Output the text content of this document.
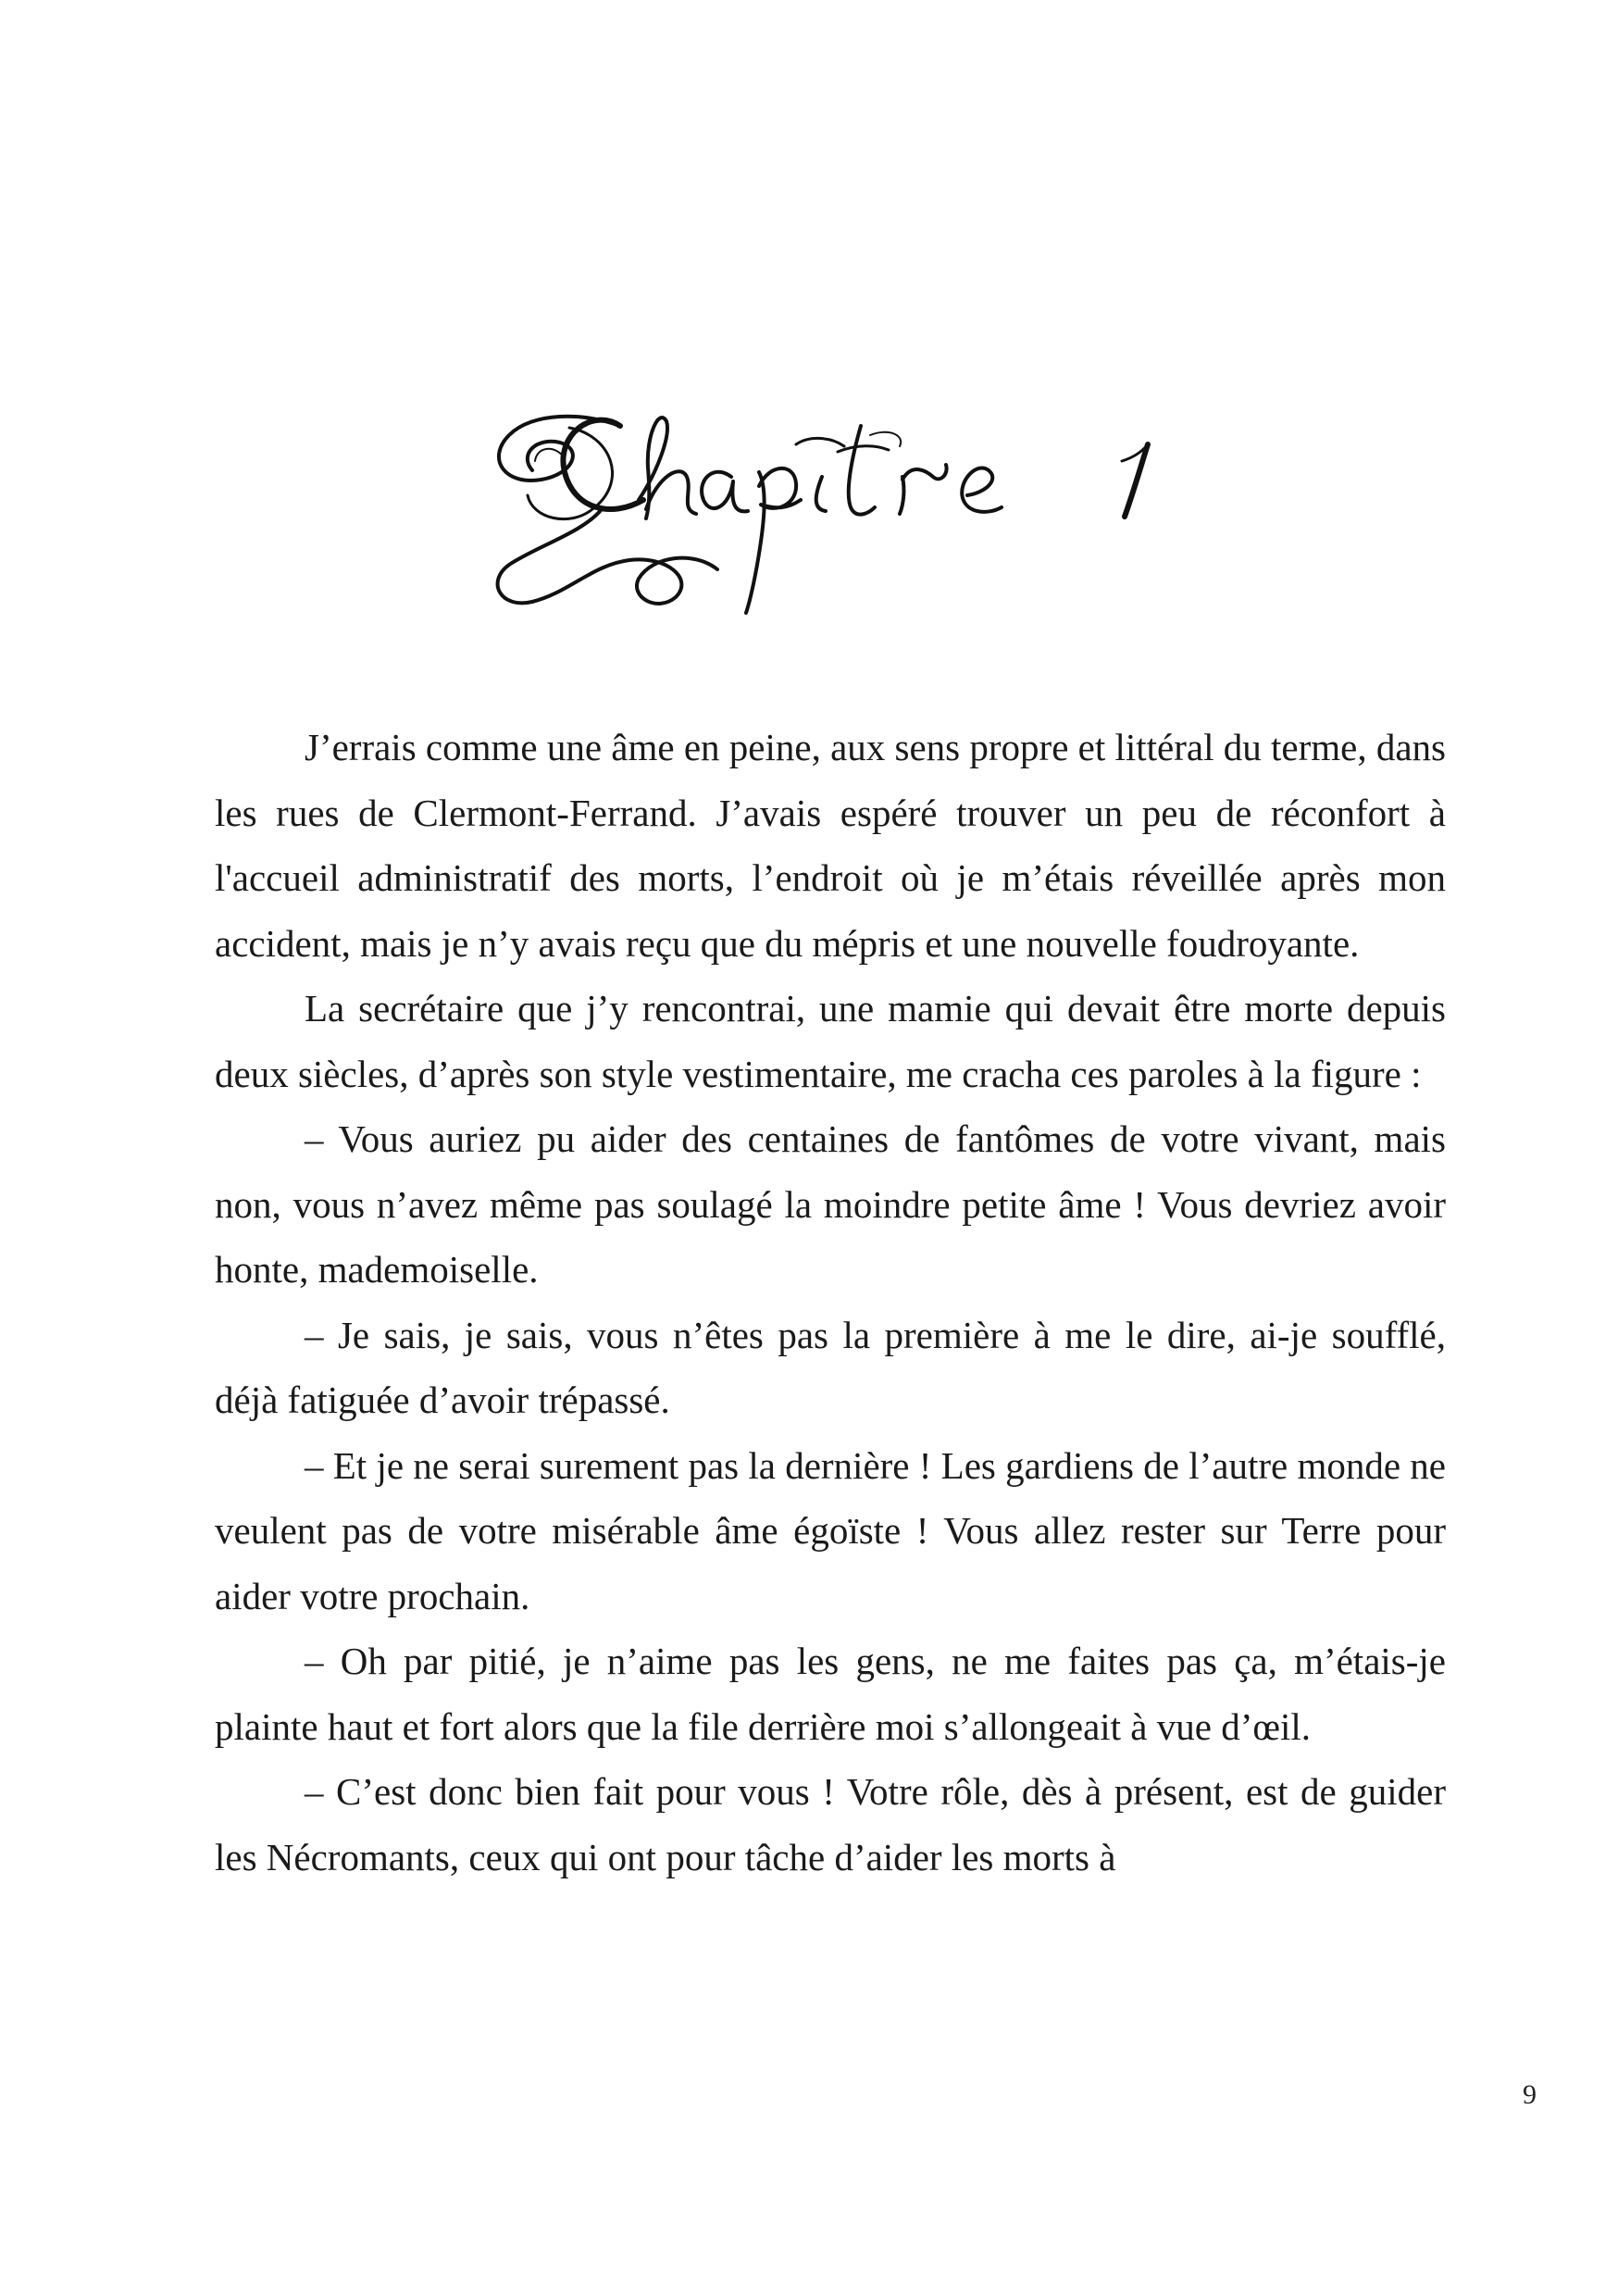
J’errais comme une âme en peine, aux sens propre et littéral du terme, dans les rues de Clermont-Ferrand. J’avais espéré trouver un peu de réconfort à l'accueil administratif des morts, l’endroit où je m’étais réveillée après mon accident, mais je n’y avais reçu que du mépris et une nouvelle foudroyante.

La secrétaire que j’y rencontrai, une mamie qui devait être morte depuis deux siècles, d’après son style vestimentaire, me cracha ces paroles à la figure :

– Vous auriez pu aider des centaines de fantômes de votre vivant, mais non, vous n’avez même pas soulagé la moindre petite âme ! Vous devriez avoir honte, mademoiselle.

– Je sais, je sais, vous n’êtes pas la première à me le dire, ai-je soufflé, déjà fatiguée d’avoir trépassé.

– Et je ne serai surement pas la dernière ! Les gardiens de l’autre monde ne veulent pas de votre misérable âme égoïste ! Vous allez rester sur Terre pour aider votre prochain.

– Oh par pitié, je n’aime pas les gens, ne me faites pas ça, m’étais-je plainte haut et fort alors que la file derrière moi s’allongeait à vue d’œil.

– C’est donc bien fait pour vous ! Votre rôle, dès à présent, est de guider les Nécromants, ceux qui ont pour tâche d’aider les morts à

9
